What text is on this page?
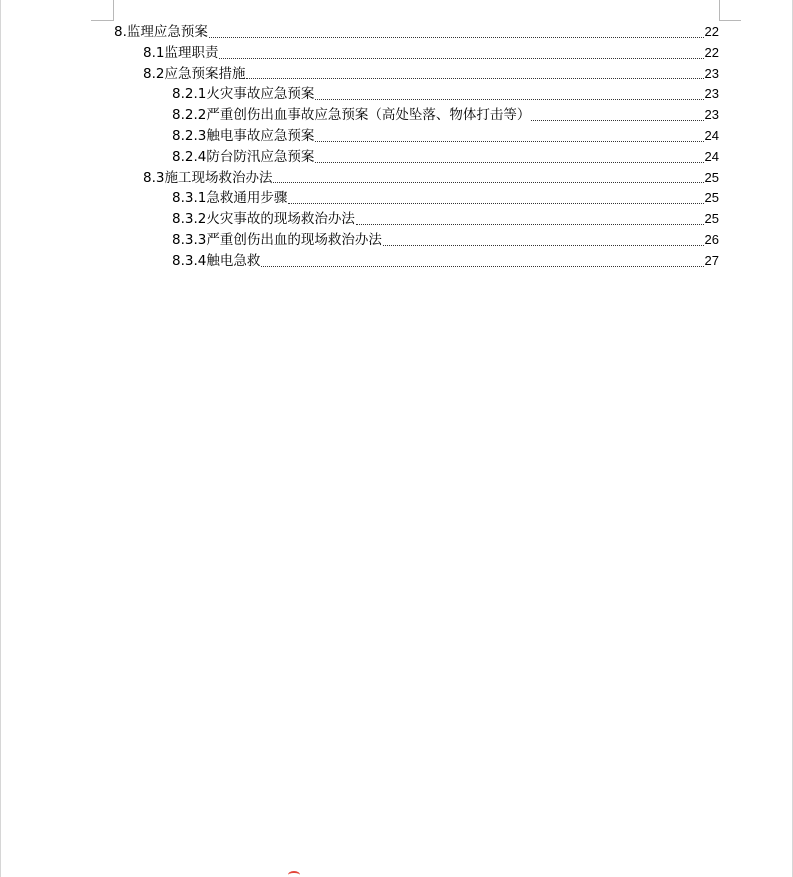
8.监理应急预案	22
8.1监理职责	22
8.2应急预案措施	23
8.2.1火灾事故应急预案	23
8.2.2严重创伤出血事故应急预案（高处坠落、物体打击等）	23
8.2.3触电事故应急预案	24
8.2.4防台防汛应急预案	24
8.3施工现场救治办法	25
8.3.1急救通用步骤	25
8.3.2火灾事故的现场救治办法	25
8.3.3严重创伤出血的现场救治办法	26
8.3.4触电急救	27
